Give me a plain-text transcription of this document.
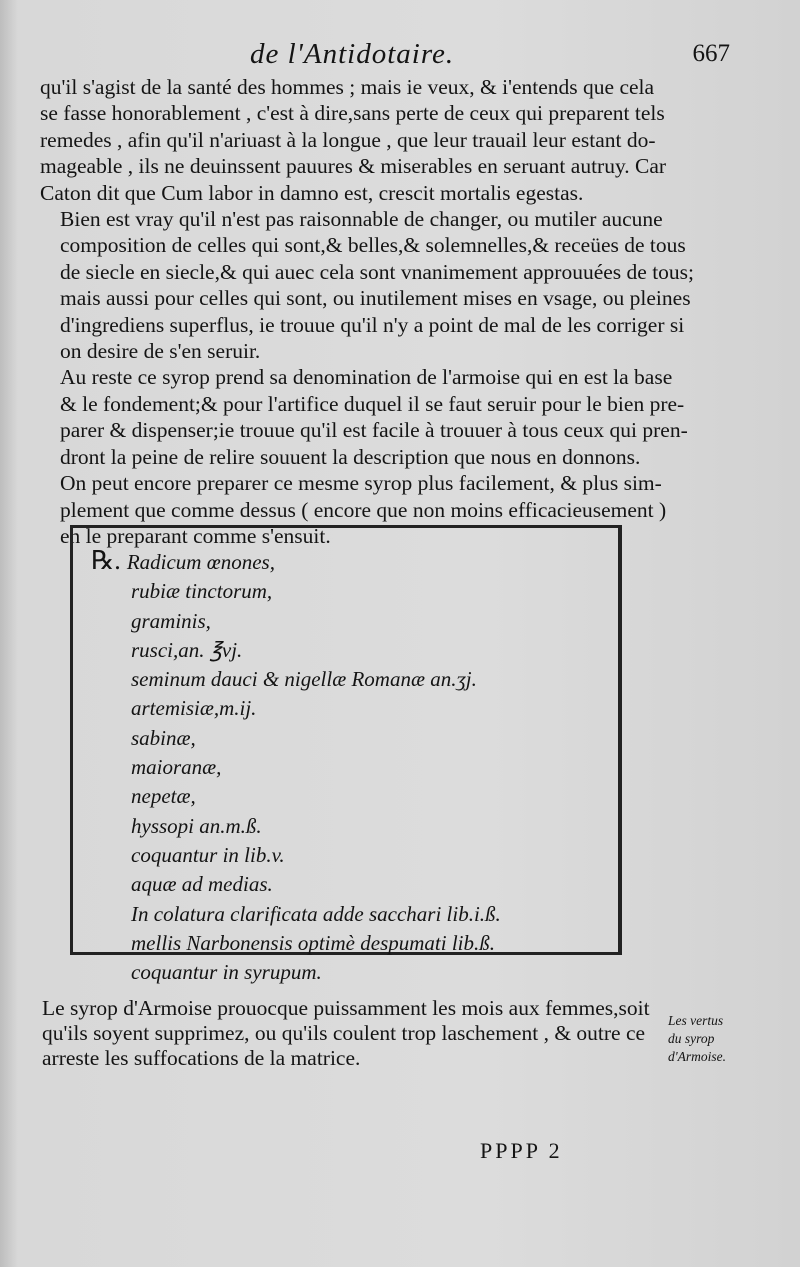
de l'Antidotaire.	667

qu'il s'agist de la santé des hommes ; mais ie veux, & i'entends que cela
se fasse honorablement , c'est à dire,sans perte de ceux qui preparent tels
remedes , afin qu'il n'ariuast à la longue , que leur trauail leur estant do-
mageable , ils ne deuinssent pauures & miserables en seruant autruy. Car
Caton dit que Cum labor in damno est, crescit mortalis egestas.

Bien est vray qu'il n'est pas raisonnable de changer, ou mutiler aucune
composition de celles qui sont,& belles,& solemnelles,& receües de tous
de siecle en siecle,& qui auec cela sont vnanimement approuuées de tous;
mais aussi pour celles qui sont, ou inutilement mises en vsage, ou pleines
d'ingrediens superflus, ie trouue qu'il n'y a point de mal de les corriger si
on desire de s'en seruir.

Au reste ce syrop prend sa denomination de l'armoise qui en est la base
& le fondement;& pour l'artifice duquel il se faut seruir pour le bien pre-
parer & dispenser;ie trouue qu'il est facile à trouuer à tous ceux qui pren-
dront la peine de relire souuent la description que nous en donnons.

On peut encore preparer ce mesme syrop plus facilement, & plus sim-
plement que comme dessus ( encore que non moins efficacieusement )
en le preparant comme s'ensuit.

℞. Radicum œnones,
rubiæ tinctorum,
graminis,
rusci,an. ℥vj.
seminum dauci & nigellæ Romanæ an.ʒj.
artemisiæ,m.ij.
sabinæ,
maioranæ,
nepetæ,
hyssopi an.m.ß.
coquantur in lib.v.
aquæ ad medias.
In colatura clarificata adde sacchari lib.i.ß.
mellis Narbonensis optimè despumati lib.ß.
coquantur in syrupum.
Le syrop d'Armoise prouocque puissamment les mois aux femmes,soit
qu'ils soyent supprimez, ou qu'ils coulent trop laschement , & outre ce
arreste les suffocations de la matrice.
Les vertus
du syrop
d'Armoise.
PPPP 2
